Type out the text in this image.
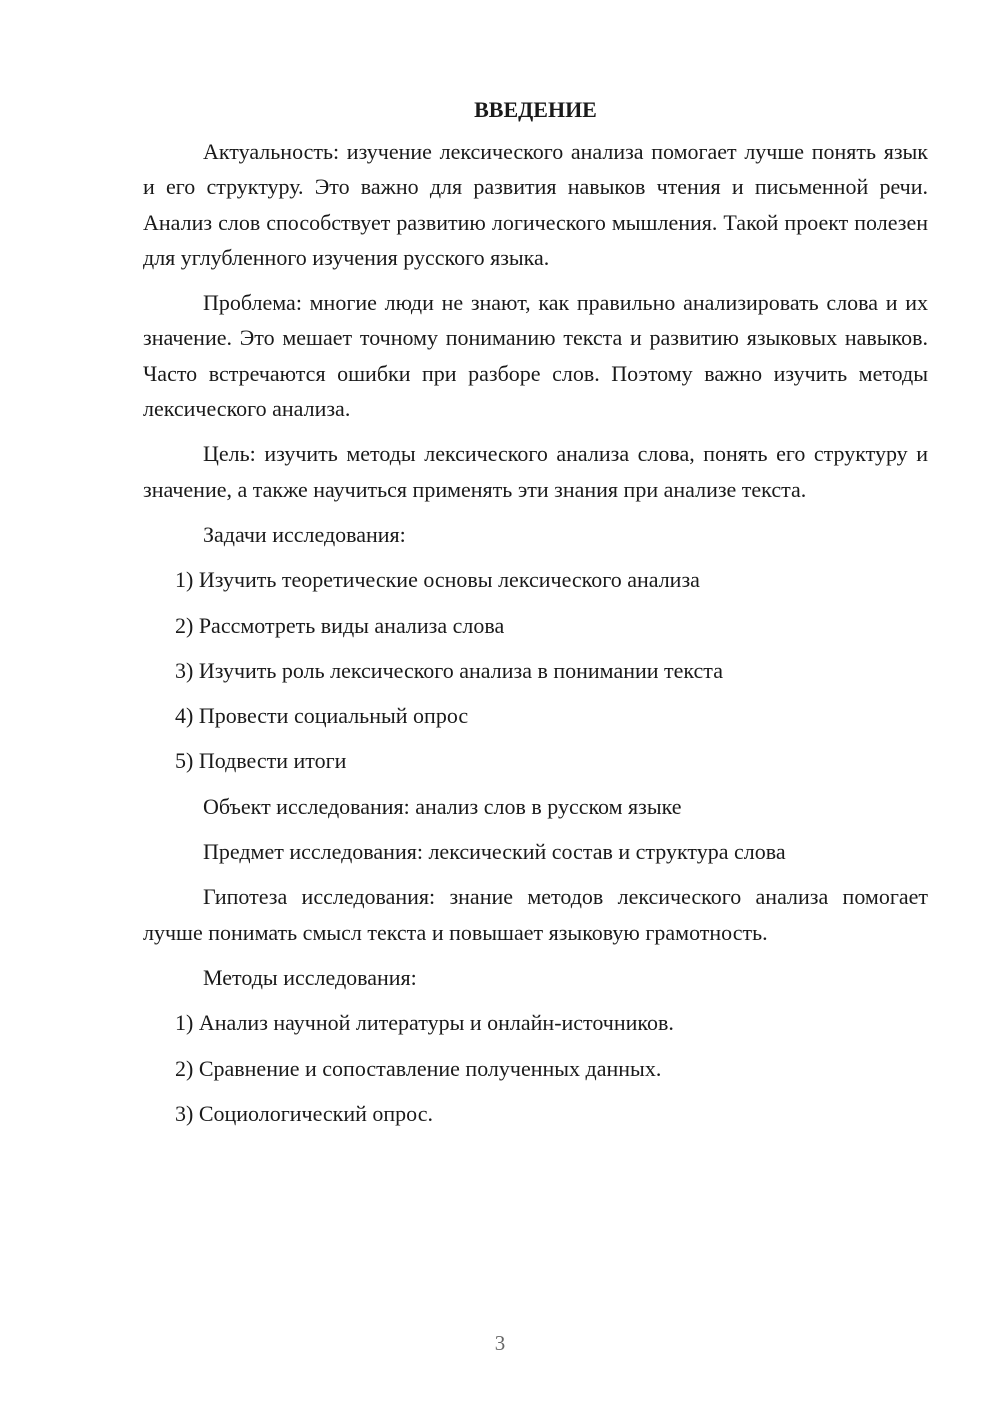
ВВЕДЕНИЕ

Актуальность: изучение лексического анализа помогает лучше понять язык и его структуру. Это важно для развития навыков чтения и письменной речи. Анализ слов способствует развитию логического мышления. Такой проект полезен для углубленного изучения русского языка.

Проблема: многие люди не знают, как правильно анализировать слова и их значение. Это мешает точному пониманию текста и развитию языковых навыков. Часто встречаются ошибки при разборе слов. Поэтому важно изучить методы лексического анализа.

Цель: изучить методы лексического анализа слова, понять его структуру и значение, а также научиться применять эти знания при анализе текста.

Задачи исследования:
1) Изучить теоретические основы лексического анализа
2) Рассмотреть виды анализа слова
3) Изучить роль лексического анализа в понимании текста
4) Провести социальный опрос
5) Подвести итоги
Объект исследования: анализ слов в русском языке
Предмет исследования: лексический состав и структура слова

Гипотеза исследования: знание методов лексического анализа помогает лучше понимать смысл текста и повышает языковую грамотность.

Методы исследования:
1) Анализ научной литературы и онлайн-источников.
2) Сравнение и сопоставление полученных данных.
3) Социологический опрос.
3
